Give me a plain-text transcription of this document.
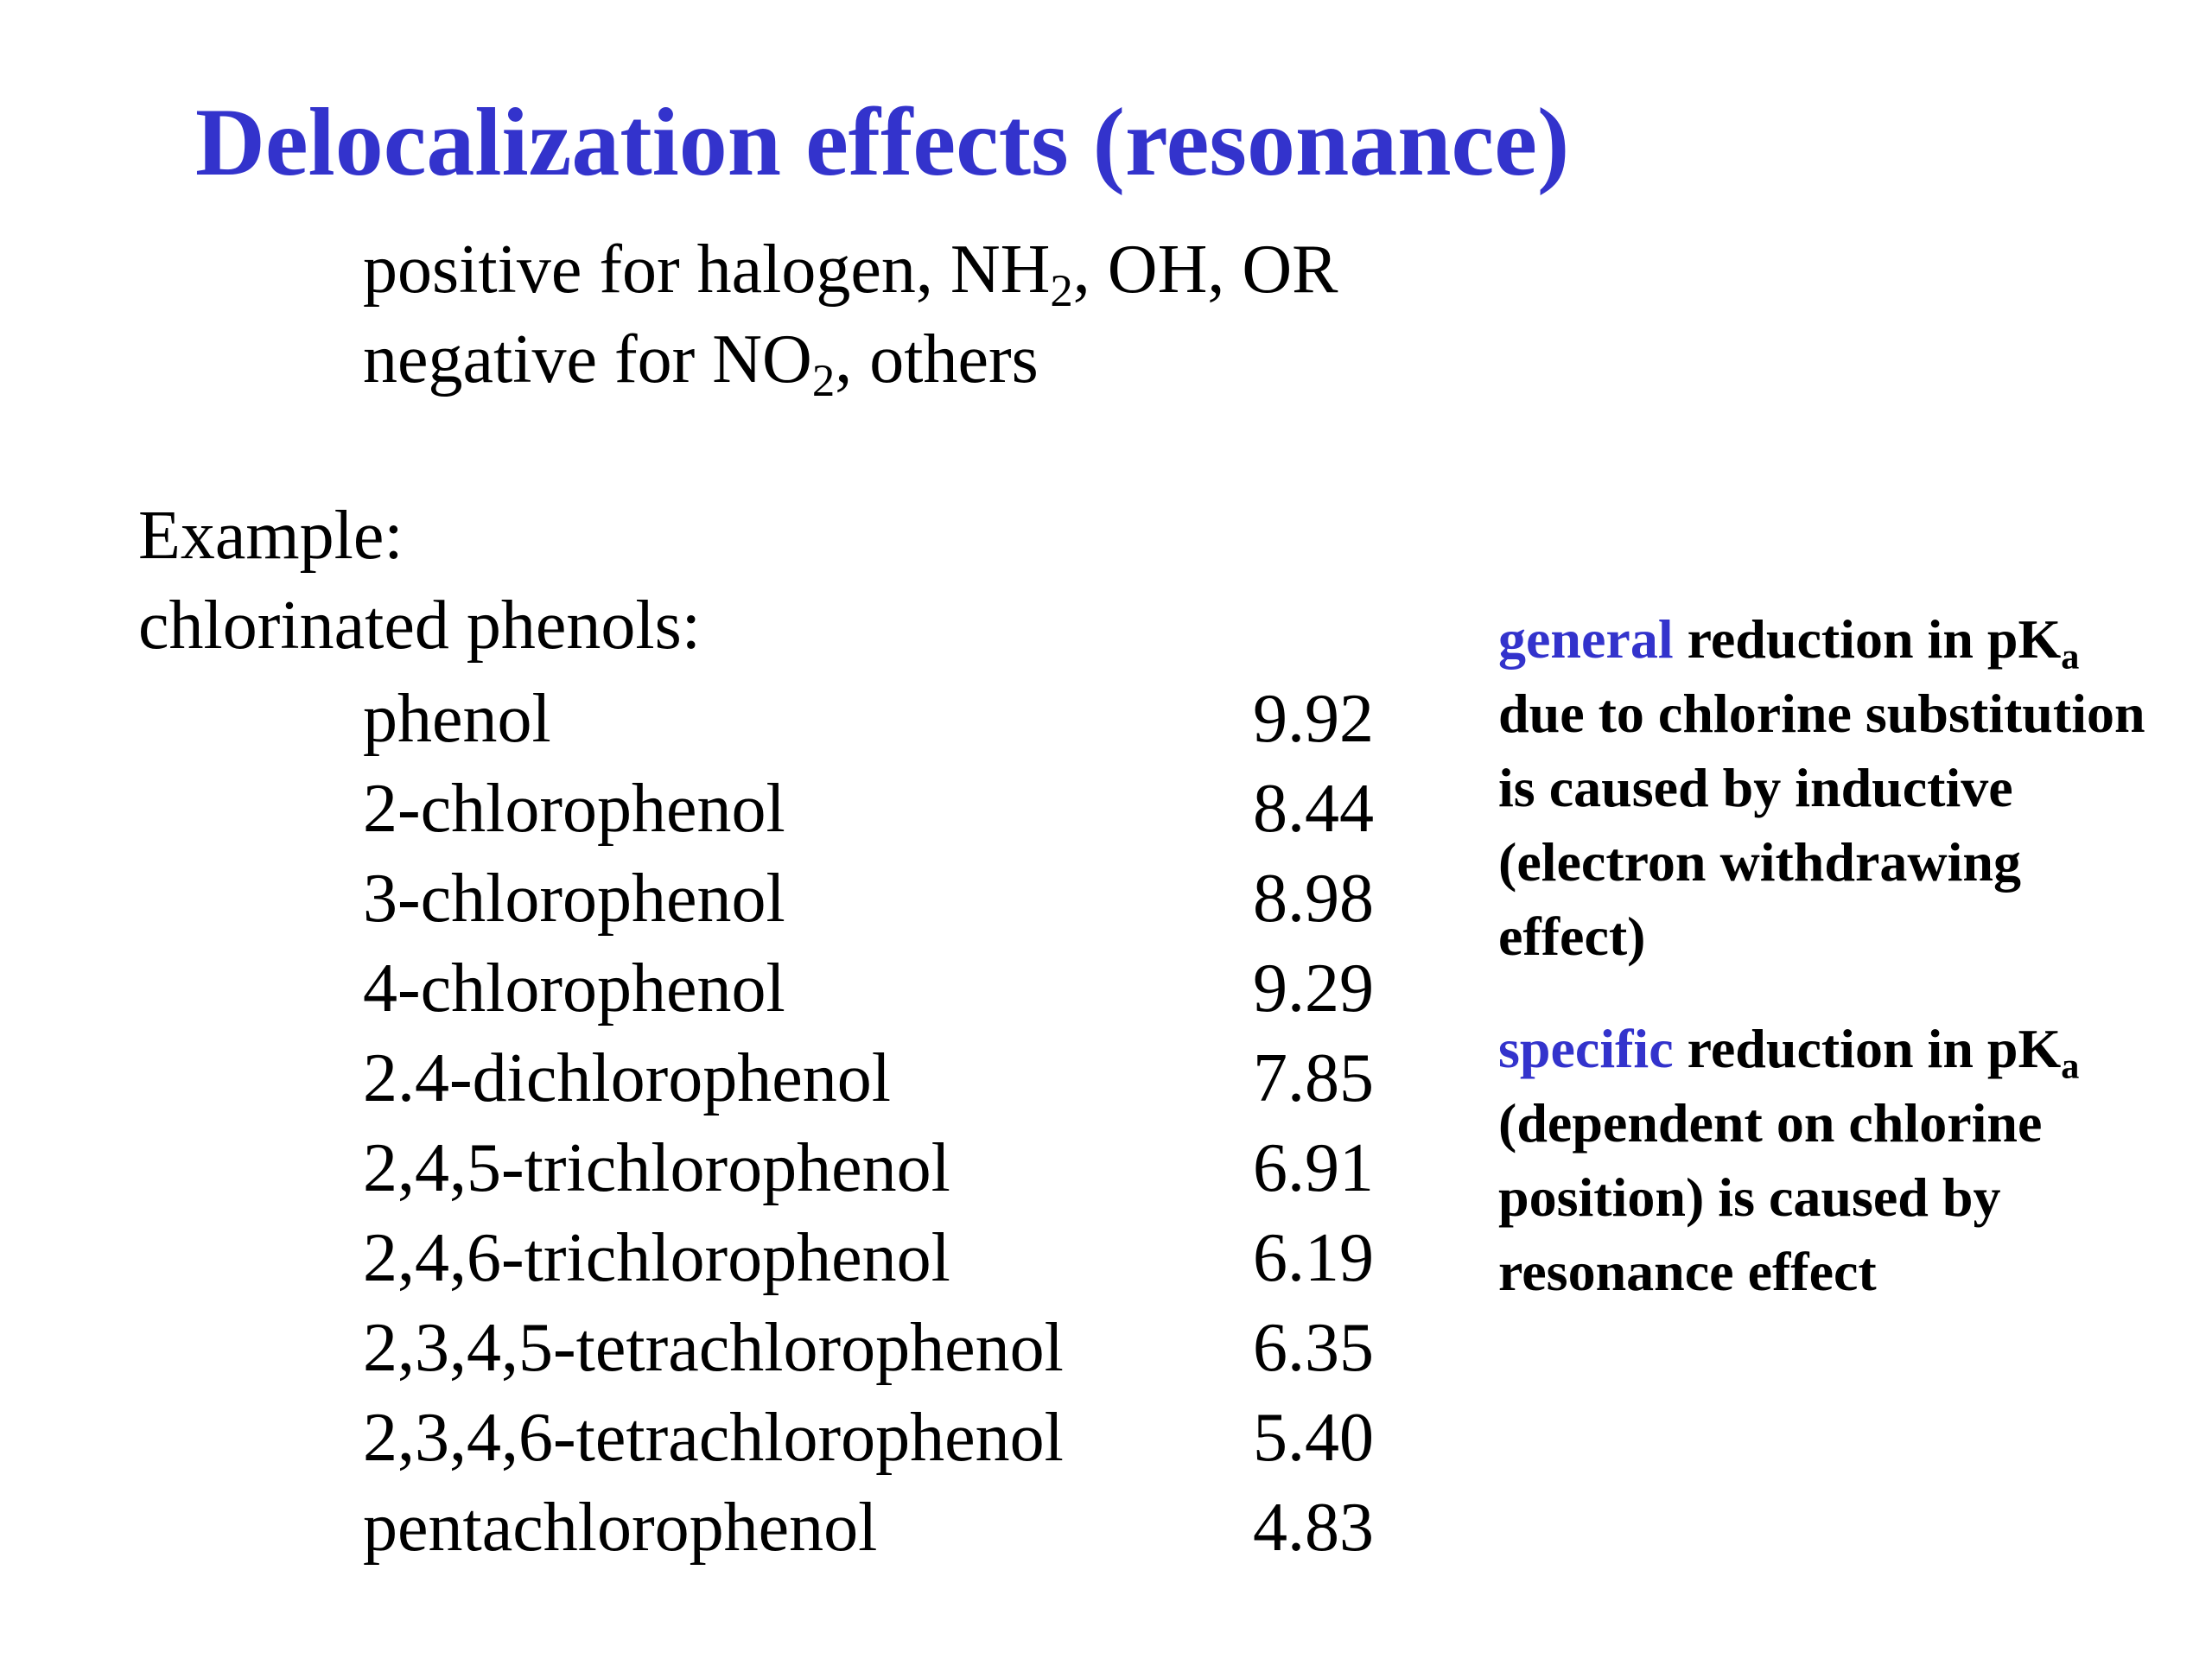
Delocalization effects (resonance)
positive for halogen, $NH_2$, OH, OR
negative for $NO_2$, others
Example:
chlorinated phenols:
phenol	9.92
2-chlorophenol	8.44
3-chlorophenol	8.98
4-chlorophenol	9.29
2.4-dichlorophenol	7.85
2,4,5-trichlorophenol	6.91
2,4,6-trichlorophenol	6.19
2,3,4,5-tetrachlorophenol	6.35
2,3,4,6-tetrachlorophenol	5.40
pentachlorophenol	4.83
general reduction in $pK_a$ due to chlorine substitution is caused by inductive (electron withdrawing effect)
specific reduction in $pK_a$ (dependent on chlorine position) is caused by resonance effect
